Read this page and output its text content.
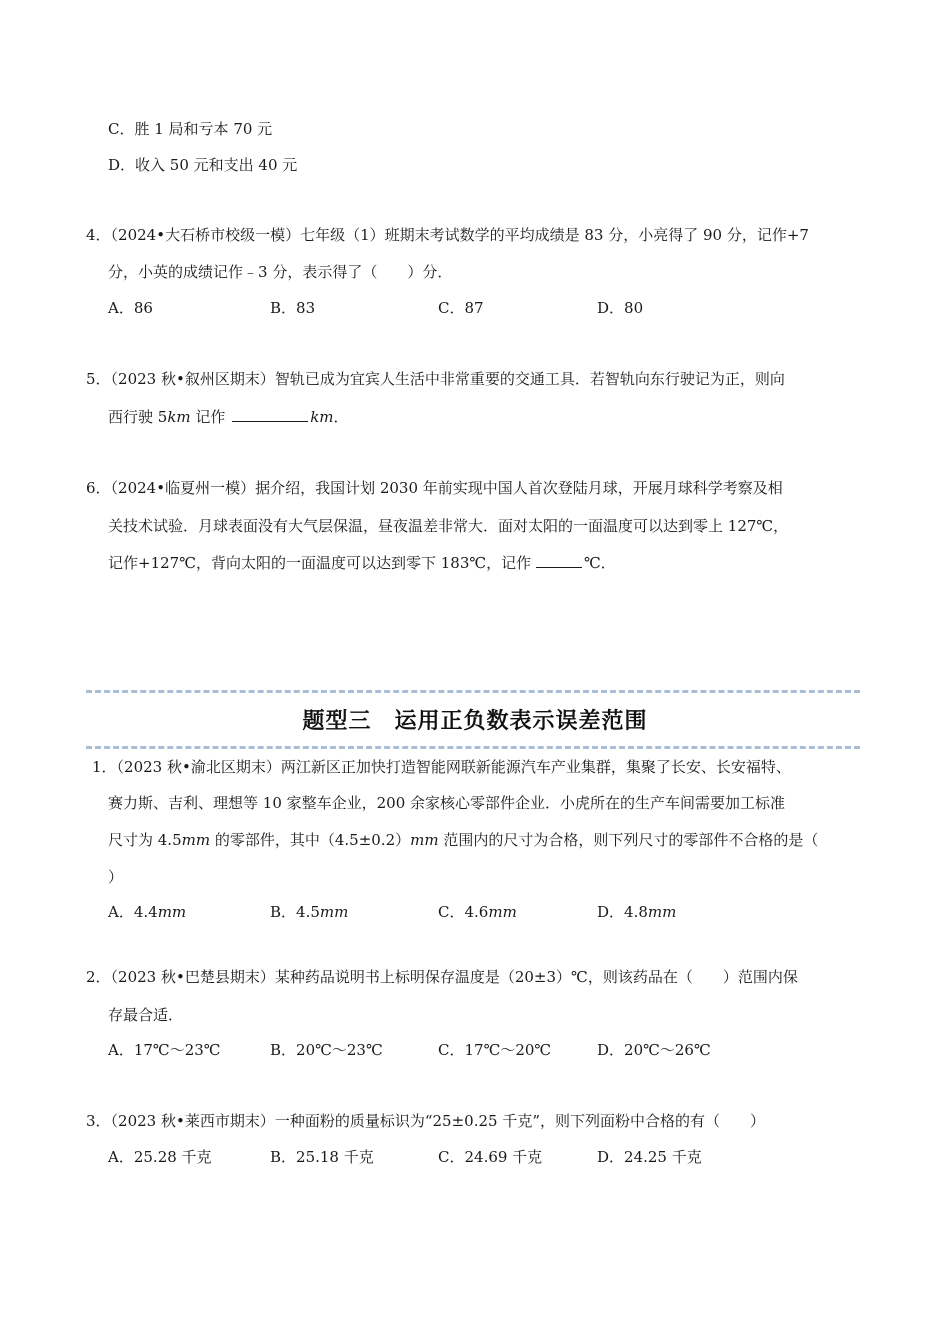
C．胜 1 局和亏本 70 元
D．收入 50 元和支出 40 元
4．（2024•大石桥市校级一模）七年级（1）班期末考试数学的平均成绩是 83 分，小亮得了 90 分，记作+7
分，小英的成绩记作﹣3 分，表示得了（　　）分．
A．86	B．83	C．87	D．80
5．（2023 秋•叙州区期末）智轨已成为宜宾人生活中非常重要的交通工具．若智轨向东行驶记为正，则向
西行驶 5km 记作	km．
6．（2024•临夏州一模）据介绍，我国计划 2030 年前实现中国人首次登陆月球，开展月球科学考察及相
关技术试验．月球表面没有大气层保温，昼夜温差非常大．面对太阳的一面温度可以达到零上 127℃，
记作+127℃，背向太阳的一面温度可以达到零下 183℃，记作	℃．
题型三　运用正负数表示误差范围
1．（2023 秋•渝北区期末）两江新区正加快打造智能网联新能源汽车产业集群，集聚了长安、长安福特、
赛力斯、吉利、理想等 10 家整车企业，200 余家核心零部件企业．小虎所在的生产车间需要加工标准
尺寸为 4.5mm 的零部件，其中（4.5±0.2）mm 范围内的尺寸为合格，则下列尺寸的零部件不合格的是（
）
A．4.4mm	B．4.5mm	C．4.6mm	D．4.8mm
2．（2023 秋•巴楚县期末）某种药品说明书上标明保存温度是（20±3）℃，则该药品在（　　）范围内保
存最合适．
A．17℃～23℃	B．20℃～23℃	C．17℃～20℃	D．20℃～26℃
3．（2023 秋•莱西市期末）一种面粉的质量标识为“25±0.25 千克”，则下列面粉中合格的有（　　）
A．25.28 千克	B．25.18 千克	C．24.69 千克	D．24.25 千克
